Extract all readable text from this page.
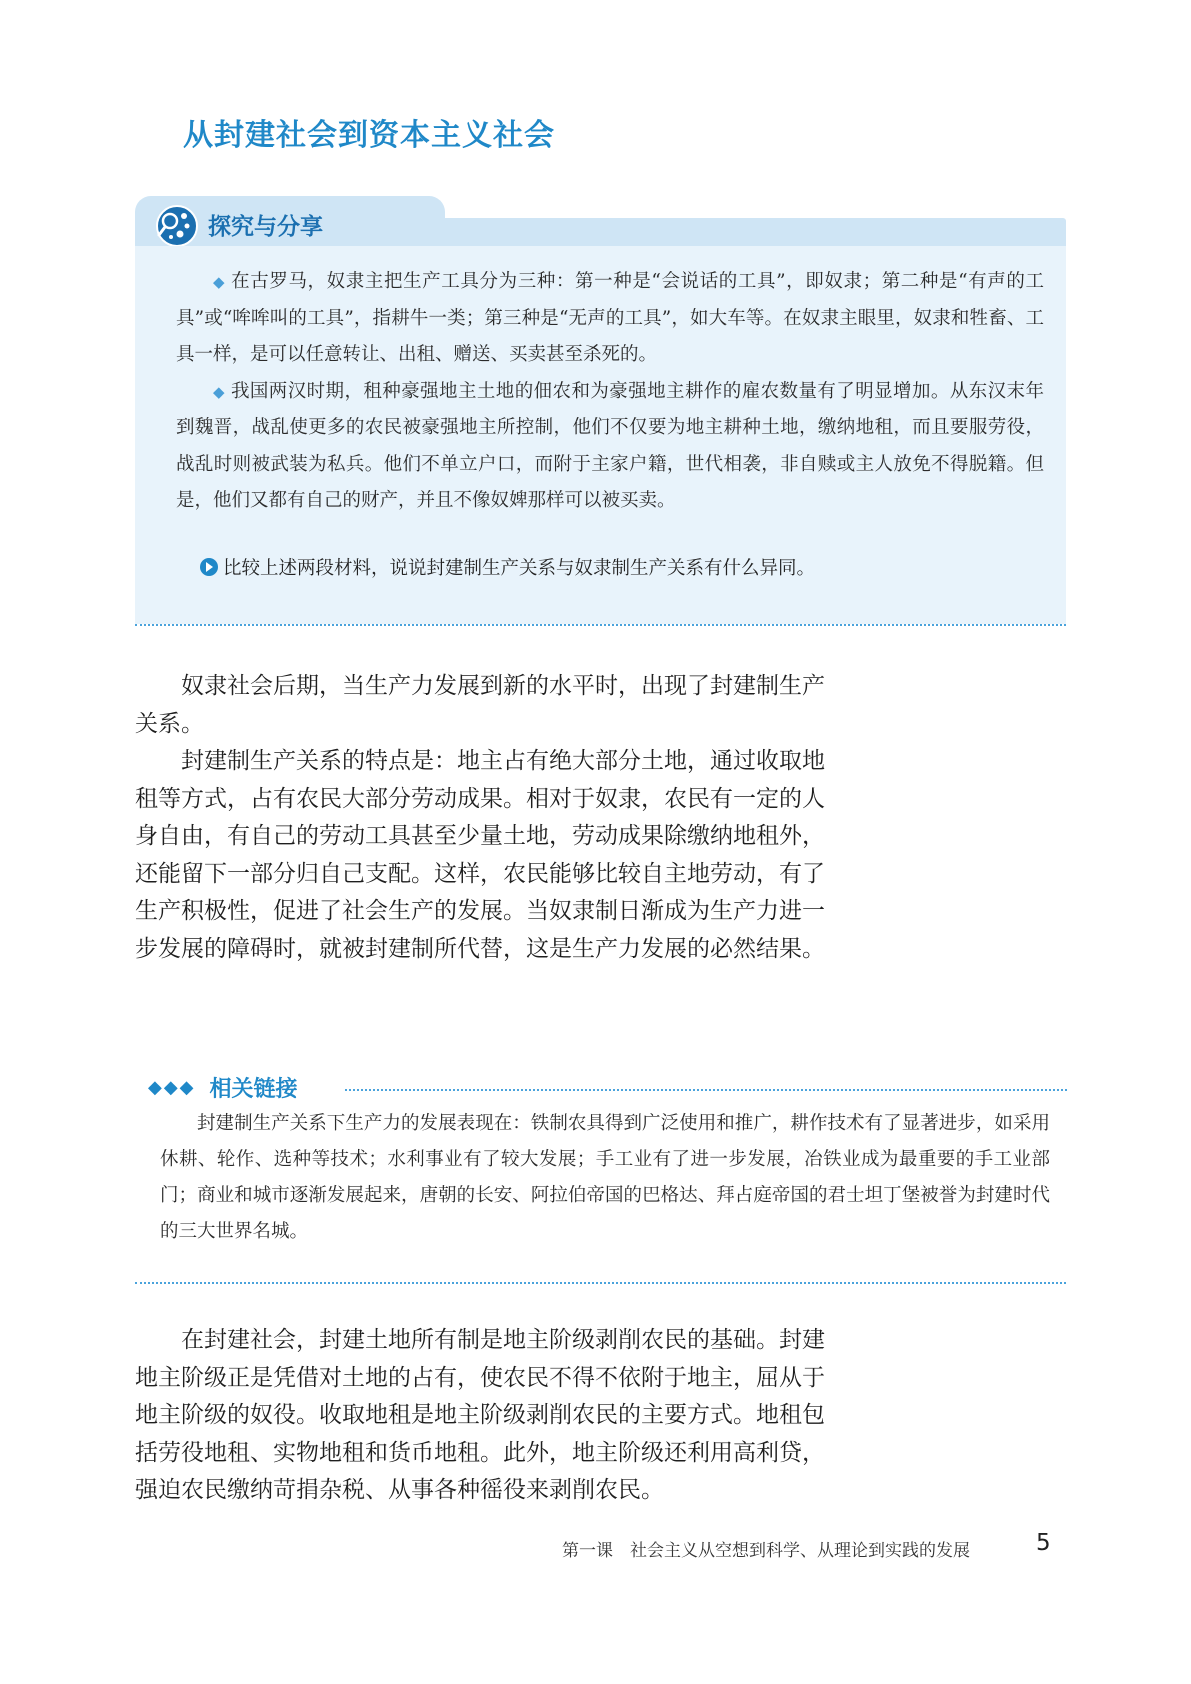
从封建社会到资本主义社会
探究与分享

◆ 在古罗马，奴隶主把生产工具分为三种：第一种是“会说话的工具”，即奴隶；第二种是“有声的工具”或“哞哞叫的工具”，指耕牛一类；第三种是“无声的工具”，如大车等。在奴隶主眼里，奴隶和牲畜、工具一样，是可以任意转让、出租、赠送、买卖甚至杀死的。

◆ 我国两汉时期，租种豪强地主土地的佃农和为豪强地主耕作的雇农数量有了明显增加。从东汉末年到魏晋，战乱使更多的农民被豪强地主所控制，他们不仅要为地主耕种土地，缴纳地租，而且要服劳役，战乱时则被武装为私兵。他们不单立户口，而附于主家户籍，世代相袭，非自赎或主人放免不得脱籍。但是，他们又都有自己的财产，并且不像奴婢那样可以被买卖。

比较上述两段材料，说说封建制生产关系与奴隶制生产关系有什么异同。

奴隶社会后期，当生产力发展到新的水平时，出现了封建制生产关系。

封建制生产关系的特点是：地主占有绝大部分土地，通过收取地租等方式，占有农民大部分劳动成果。相对于奴隶，农民有一定的人身自由，有自己的劳动工具甚至少量土地，劳动成果除缴纳地租外，还能留下一部分归自己支配。这样，农民能够比较自主地劳动，有了生产积极性，促进了社会生产的发展。当奴隶制日渐成为生产力进一步发展的障碍时，就被封建制所代替，这是生产力发展的必然结果。

◆◆◆ 相关链接

封建制生产关系下生产力的发展表现在：铁制农具得到广泛使用和推广，耕作技术有了显著进步，如采用休耕、轮作、选种等技术；水利事业有了较大发展；手工业有了进一步发展，冶铁业成为最重要的手工业部门；商业和城市逐渐发展起来，唐朝的长安、阿拉伯帝国的巴格达、拜占庭帝国的君士坦丁堡被誉为封建时代的三大世界名城。

在封建社会，封建土地所有制是地主阶级剥削农民的基础。封建地主阶级正是凭借对土地的占有，使农民不得不依附于地主，屈从于地主阶级的奴役。收取地租是地主阶级剥削农民的主要方式。地租包括劳役地租、实物地租和货币地租。此外，地主阶级还利用高利贷，强迫农民缴纳苛捐杂税、从事各种徭役来剥削农民。

第一课　社会主义从空想到科学、从理论到实践的发展	5
